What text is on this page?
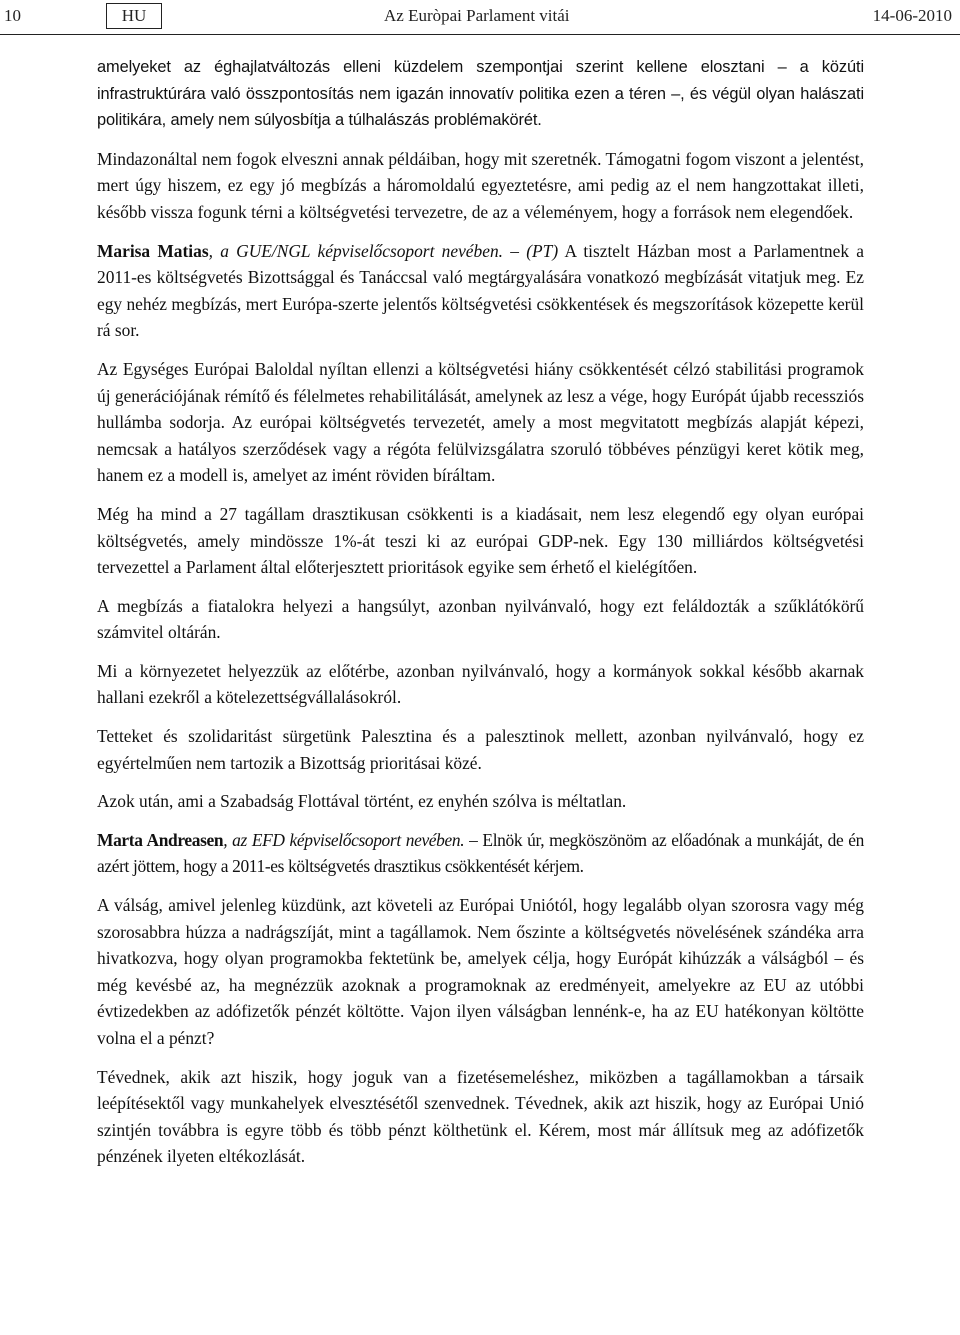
10	HU	Az Euròpai Parlament vitái	14-06-2010

amelyeket az éghajlatváltozás elleni küzdelem szempontjai szerint kellene elosztani – a közúti infrastruktúrára való összpontosítás nem igazán innovatív politika ezen a téren –, és végül olyan halászati politikára, amely nem súlyosbítja a túlhalászás problémakörét.

Mindazonáltal nem fogok elveszni annak példáiban, hogy mit szeretnék. Támogatni fogom viszont a jelentést, mert úgy hiszem, ez egy jó megbízás a háromoldalú egyeztetésre, ami pedig az el nem hangzottakat illeti, később vissza fogunk térni a költségvetési tervezetre, de az a véleményem, hogy a források nem elegendőek.

Marisa Matias, a GUE/NGL képviselőcsoport nevében. – (PT) A tisztelt Házban most a Parlamentnek a 2011-es költségvetés Bizottsággal és Tanáccsal való megtárgyalására vonatkozó megbízását vitatjuk meg. Ez egy nehéz megbízás, mert Európa-szerte jelentős költségvetési csökkentések és megszorítások közepette kerül rá sor.

Az Egységes Európai Baloldal nyíltan ellenzi a költségvetési hiány csökkentését célzó stabilitási programok új generációjának rémítő és félelmetes rehabilitálását, amelynek az lesz a vége, hogy Európát újabb recessziós hullámba sodorja. Az európai költségvetés tervezetét, amely a most megvitatott megbízás alapját képezi, nemcsak a hatályos szerződések vagy a régóta felülvizsgálatra szoruló többéves pénzügyi keret kötik meg, hanem ez a modell is, amelyet az imént röviden bíráltam.

Még ha mind a 27 tagállam drasztikusan csökkenti is a kiadásait, nem lesz elegendő egy olyan európai költségvetés, amely mindössze 1%-át teszi ki az európai GDP-nek. Egy 130 milliárdos költségvetési tervezettel a Parlament által előterjesztett prioritások egyike sem érhető el kielégítően.

A megbízás a fiatalokra helyezi a hangsúlyt, azonban nyilvánvaló, hogy ezt feláldozták a szűklátókörű számvitel oltárán.

Mi a környezetet helyezzük az előtérbe, azonban nyilvánvaló, hogy a kormányok sokkal később akarnak hallani ezekről a kötelezettségvállalásokról.

Tetteket és szolidaritást sürgetünk Palesztina és a palesztinok mellett, azonban nyilvánvaló, hogy ez egyértelműen nem tartozik a Bizottság prioritásai közé.

Azok után, ami a Szabadság Flottával történt, ez enyhén szólva is méltatlan.

Marta Andreasen, az EFD képviselőcsoport nevében. – Elnök úr, megköszönöm az előadónak a munkáját, de én azért jöttem, hogy a 2011-es költségvetés drasztikus csökkentését kérjem.

A válság, amivel jelenleg küzdünk, azt követeli az Európai Uniótól, hogy legalább olyan szorosra vagy még szorosabbra húzza a nadrágszíját, mint a tagállamok. Nem őszinte a költségvetés növelésének szándéka arra hivatkozva, hogy olyan programokba fektetünk be, amelyek célja, hogy Európát kihúzzák a válságból – és még kevésbé az, ha megnézzük azoknak a programoknak az eredményeit, amelyekre az EU az utóbbi évtizedekben az adófizetők pénzét költötte. Vajon ilyen válságban lennénk-e, ha az EU hatékonyan költötte volna el a pénzt?

Tévednek, akik azt hiszik, hogy joguk van a fizetésemeléshez, miközben a tagállamokban a társaik leépítésektől vagy munkahelyek elvesztésétől szenvednek. Tévednek, akik azt hiszik, hogy az Európai Unió szintjén továbbra is egyre több és több pénzt költhetünk el. Kérem, most már állítsuk meg az adófizetők pénzének ilyeten eltékozlását.
